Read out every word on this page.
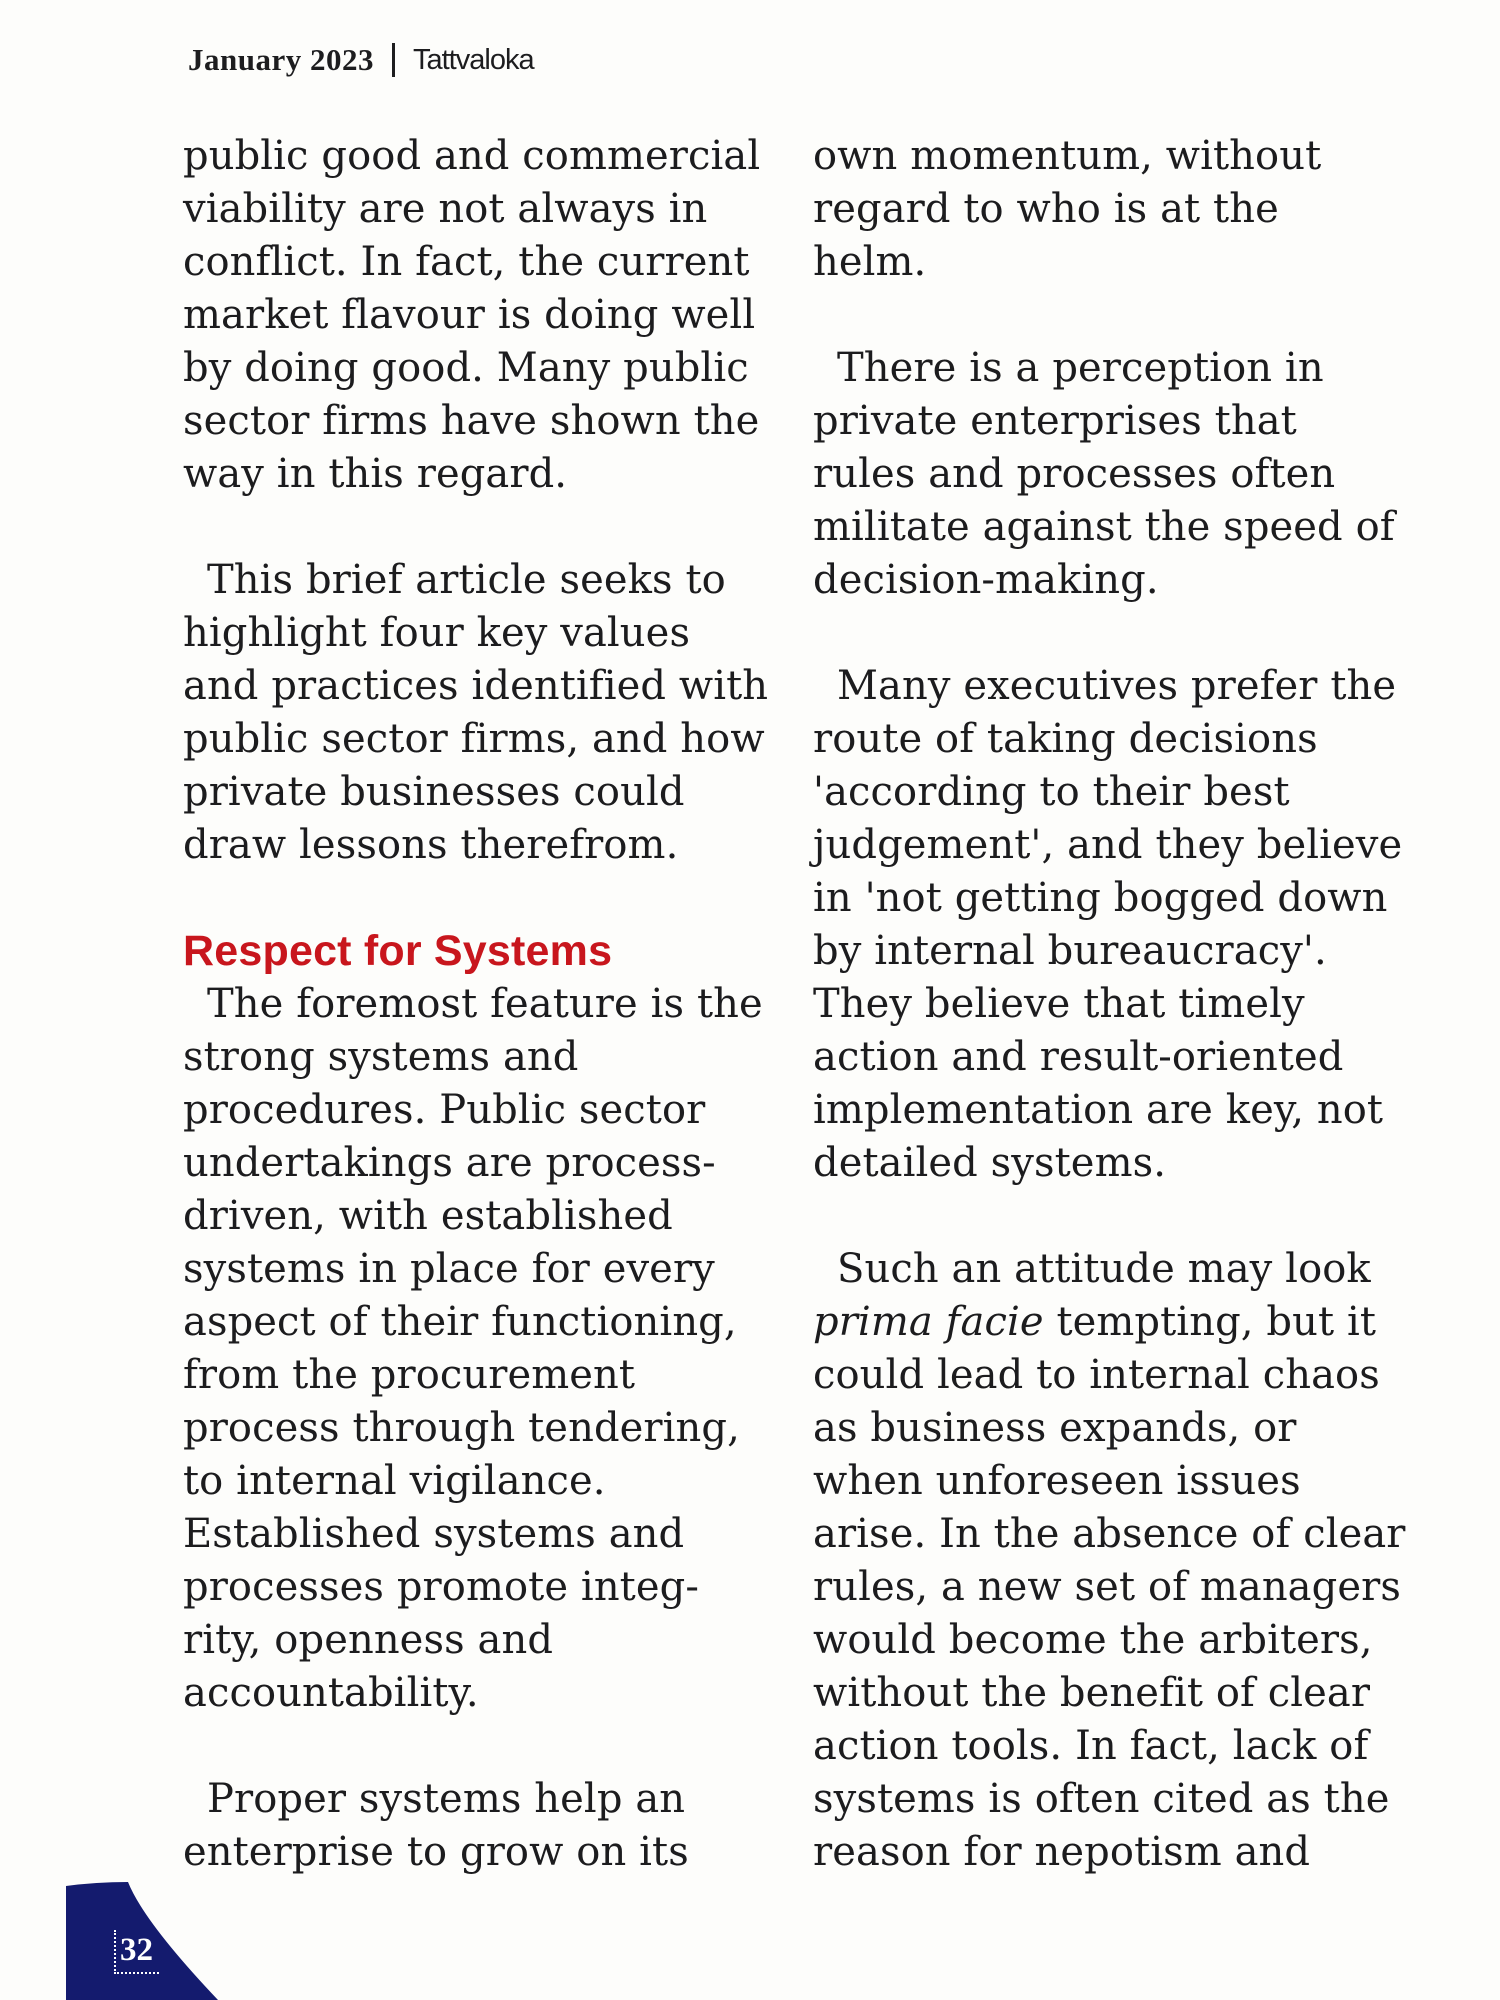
January 2023 Tattvaloka

public good and commercial
viability are not always in
conflict. In fact, the current
market flavour is doing well
by doing good. Many public
sector firms have shown the
way in this regard.

This brief article seeks to
highlight four key values
and practices identified with
public sector firms, and how
private businesses could
draw lessons therefrom.

Respect for Systems

The foremost feature is the
strong systems and
procedures. Public sector
undertakings are process-
driven, with established
systems in place for every
aspect of their functioning,
from the procurement
process through tendering,
to internal vigilance.
Established systems and
processes promote integ-
rity, openness and
accountability.

Proper systems help an
enterprise to grow on its

own momentum, without
regard to who is at the
helm.

There is a perception in
private enterprises that
rules and processes often
militate against the speed of
decision-making.

Many executives prefer the
route of taking decisions
'according to their best
judgement', and they believe
in 'not getting bogged down
by internal bureaucracy'.
They believe that timely
action and result-oriented
implementation are key, not
detailed systems.

Such an attitude may look
prima facie tempting, but it
could lead to internal chaos
as business expands, or
when unforeseen issues
arise. In the absence of clear
rules, a new set of managers
would become the arbiters,
without the benefit of clear
action tools. In fact, lack of
systems is often cited as the
reason for nepotism and

32
